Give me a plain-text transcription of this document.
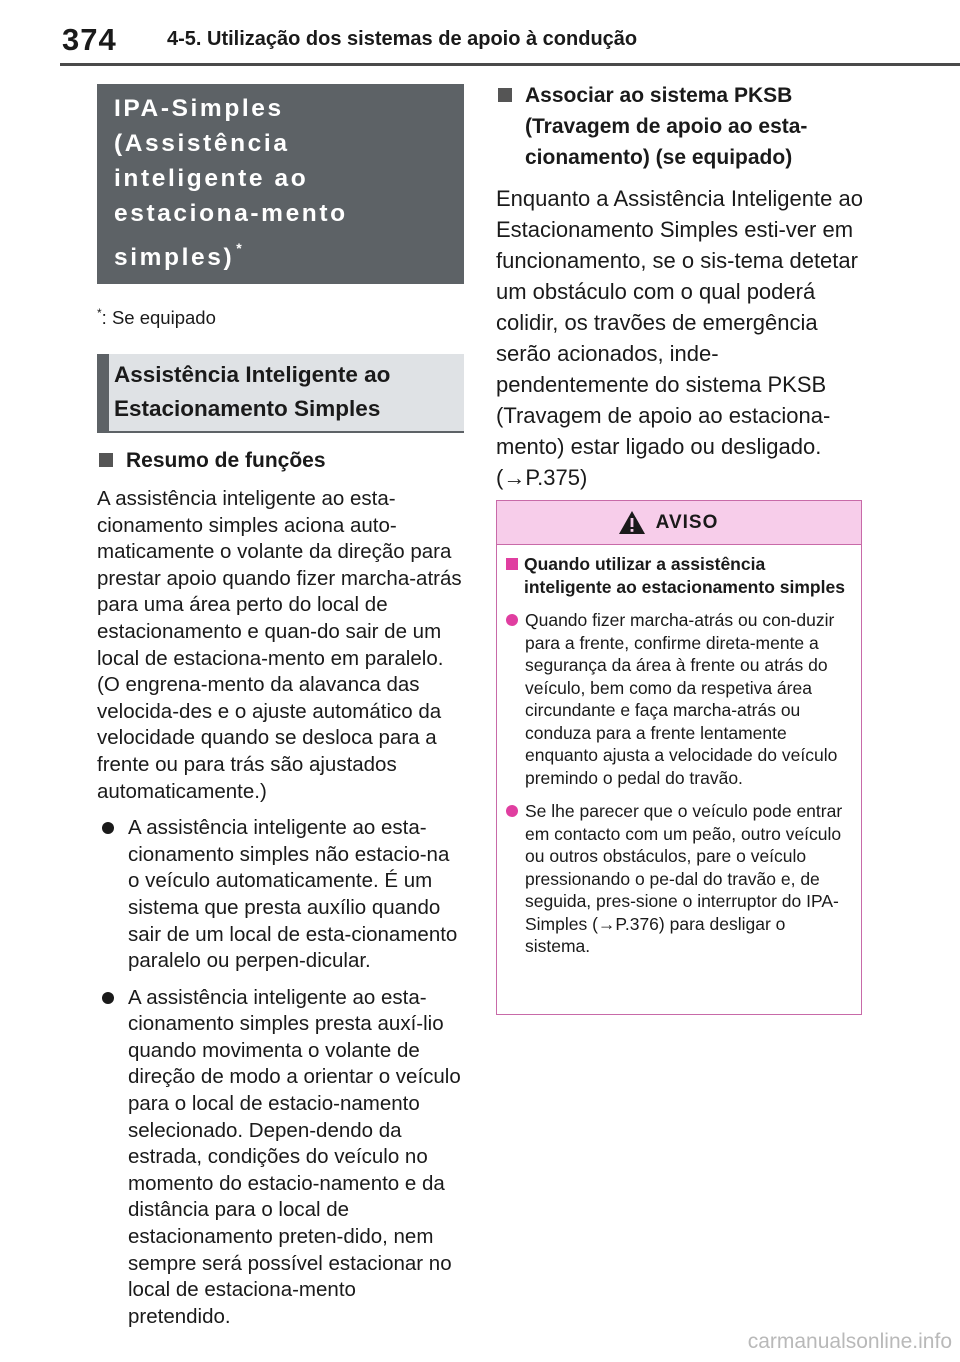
374	4-5. Utilização dos sistemas de apoio à condução
IPA-Simples (Assistência inteligente ao estaciona-mento simples) *
*: Se equipado
Assistência Inteligente ao Estacionamento Simples
Resumo de funções
A assistência inteligente ao esta-cionamento simples aciona auto-maticamente o volante da direção para prestar apoio quando fizer marcha-atrás para uma área perto do local de estacionamento e quan-do sair de um local de estaciona-mento em paralelo. (O engrena-mento da alavanca das velocida-des e o ajuste automático da velocidade quando se desloca para a frente ou para trás são ajustados automaticamente.)
A assistência inteligente ao esta-cionamento simples não estacio-na o veículo automaticamente. É um sistema que presta auxílio quando sair de um local de esta-cionamento paralelo ou perpen-dicular.
A assistência inteligente ao esta-cionamento simples presta auxí-lio quando movimenta o volante de direção de modo a orientar o veículo para o local de estacio-namento selecionado. Depen-dendo da estrada, condições do veículo no momento do estacio-namento e da distância para o local de estacionamento preten-dido, nem sempre será possível estacionar no local de estaciona-mento pretendido.
Associar ao sistema PKSB (Travagem de apoio ao esta-cionamento) (se equipado)
Enquanto a Assistência Inteligente ao Estacionamento Simples esti-ver em funcionamento, se o sis-tema detetar um obstáculo com o qual poderá colidir, os travões de emergência serão acionados, inde-pendentemente do sistema PKSB (Travagem de apoio ao estaciona-mento) estar ligado ou desligado. (→P.375)
AVISO
Quando utilizar a assistência inteligente ao estacionamento simples
Quando fizer marcha-atrás ou con-duzir para a frente, confirme direta-mente a segurança da área à frente ou atrás do veículo, bem como da respetiva área circundante e faça marcha-atrás ou conduza para a frente lentamente enquanto ajusta a velocidade do veículo premindo o pedal do travão.
Se lhe parecer que o veículo pode entrar em contacto com um peão, outro veículo ou outros obstáculos, pare o veículo pressionando o pe-dal do travão e, de seguida, pres-sione o interruptor do IPA-Simples (→P.376) para desligar o sistema.
carmanualsonline.info
